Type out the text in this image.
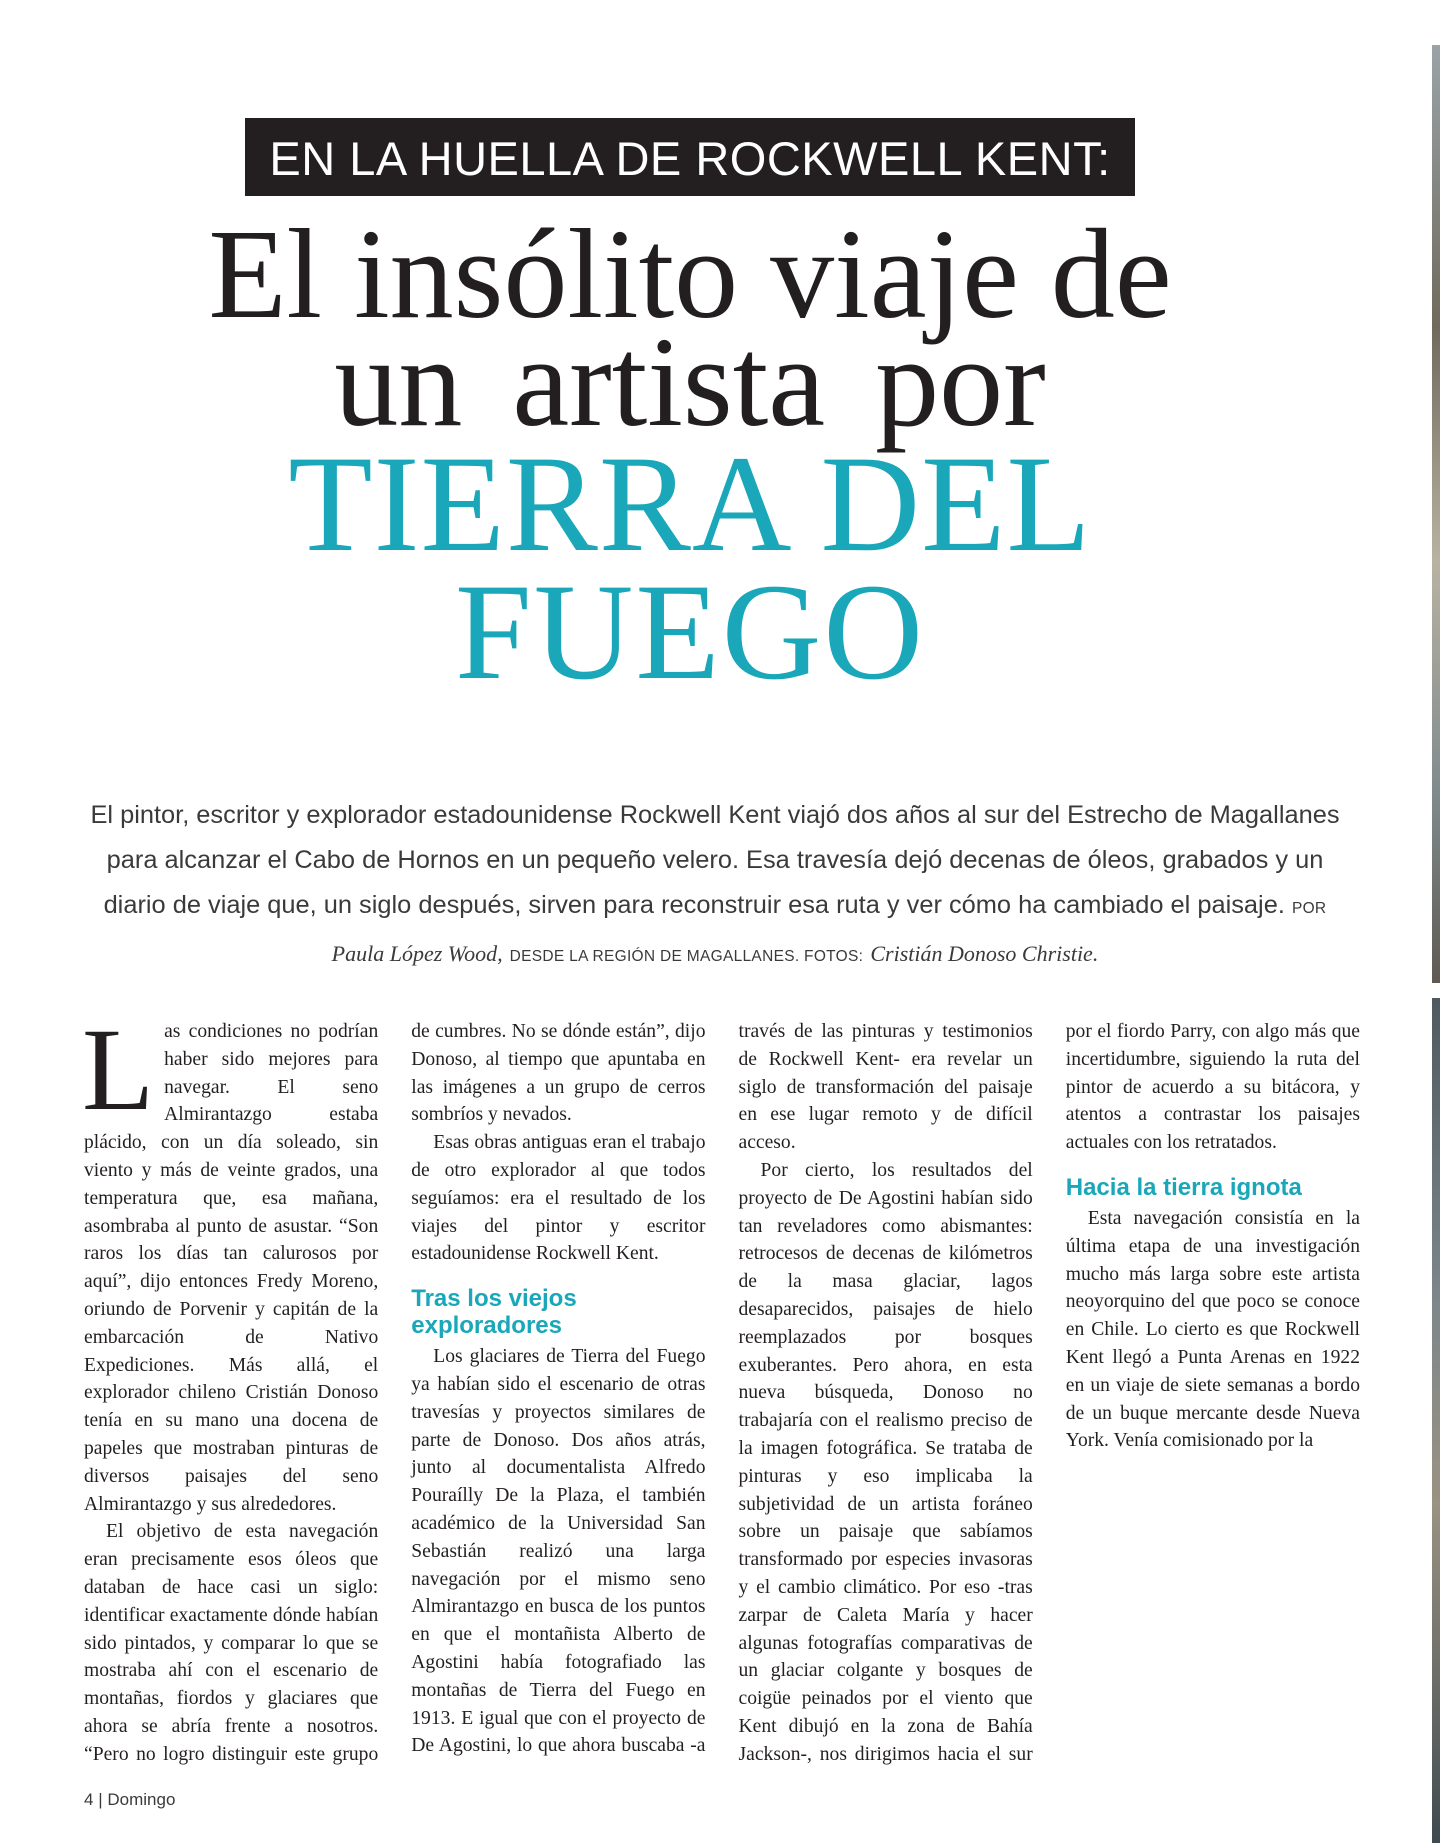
EN LA HUELLA DE ROCKWELL KENT:
El insólito viaje de
un artista por
TIERRA DEL
FUEGO

El pintor, escritor y explorador estadounidense Rockwell Kent viajó dos años al sur del Estrecho de Magallanes para alcanzar el Cabo de Hornos en un pequeño velero. Esa travesía dejó decenas de óleos, grabados y un diario de viaje que, un siglo después, sirven para reconstruir esa ruta y ver cómo ha cambiado el paisaje. POR Paula López Wood, DESDE LA REGIÓN DE MAGALLANES. FOTOS: Cristián Donoso Christie.

Las condiciones no podrían haber sido mejores para navegar. El seno Almirantazgo estaba plácido, con un día soleado, sin viento y más de veinte grados, una temperatura que, esa mañana, asombraba al punto de asustar. “Son raros los días tan calurosos por aquí”, dijo entonces Fredy Moreno, oriundo de Porvenir y capitán de la embarcación de Nativo Expediciones. Más allá, el explorador chileno Cristián Donoso tenía en su mano una docena de papeles que mostraban pinturas de diversos paisajes del seno Almirantazgo y sus alrededores.

El objetivo de esta navegación eran precisamente esos óleos que databan de hace casi un siglo: identificar exactamente dónde habían sido pintados, y comparar lo que se mostraba ahí con el escenario de montañas, fiordos y glaciares que ahora se abría frente a nosotros. “Pero no logro distinguir este grupo de cumbres. No se dónde están”, dijo Donoso, al tiempo que apuntaba en las imágenes a un grupo de cerros sombríos y nevados.

Esas obras antiguas eran el trabajo de otro explorador al que todos seguíamos: era el resultado de los viajes del pintor y escritor estadounidense Rockwell Kent.

Tras los viejos exploradores

Los glaciares de Tierra del Fuego ya habían sido el escenario de otras travesías y proyectos similares de parte de Donoso. Dos años atrás, junto al documentalista Alfredo Pouraílly De la Plaza, el también académico de la Universidad San Sebastián realizó una larga navegación por el mismo seno Almirantazgo en busca de los puntos en que el montañista Alberto de Agostini había fotografiado las montañas de Tierra del Fuego en 1913. E igual que con el proyecto de De Agostini, lo que ahora buscaba -a través de las pinturas y testimonios de Rockwell Kent- era revelar un siglo de transformación del paisaje en ese lugar remoto y de difícil acceso.

Por cierto, los resultados del proyecto de De Agostini habían sido tan reveladores como abismantes: retrocesos de decenas de kilómetros de la masa glaciar, lagos desaparecidos, paisajes de hielo reemplazados por bosques exuberantes. Pero ahora, en esta nueva búsqueda, Donoso no trabajaría con el realismo preciso de la imagen fotográfica. Se trataba de pinturas y eso implicaba la subjetividad de un artista foráneo sobre un paisaje que sabíamos transformado por especies invasoras y el cambio climático. Por eso -tras zarpar de Caleta María y hacer algunas fotografías comparativas de un glaciar colgante y bosques de coigüe peinados por el viento que Kent dibujó en la zona de Bahía Jackson-, nos dirigimos hacia el sur por el fiordo Parry, con algo más que incertidumbre, siguiendo la ruta del pintor de acuerdo a su bitácora, y atentos a contrastar los paisajes actuales con los retratados.

Hacia la tierra ignota

Esta navegación consistía en la última etapa de una investigación mucho más larga sobre este artista neoyorquino del que poco se conoce en Chile. Lo cierto es que Rockwell Kent llegó a Punta Arenas en 1922 en un viaje de siete semanas a bordo de un buque mercante desde Nueva York. Venía comisionado por la

4 | Domingo
